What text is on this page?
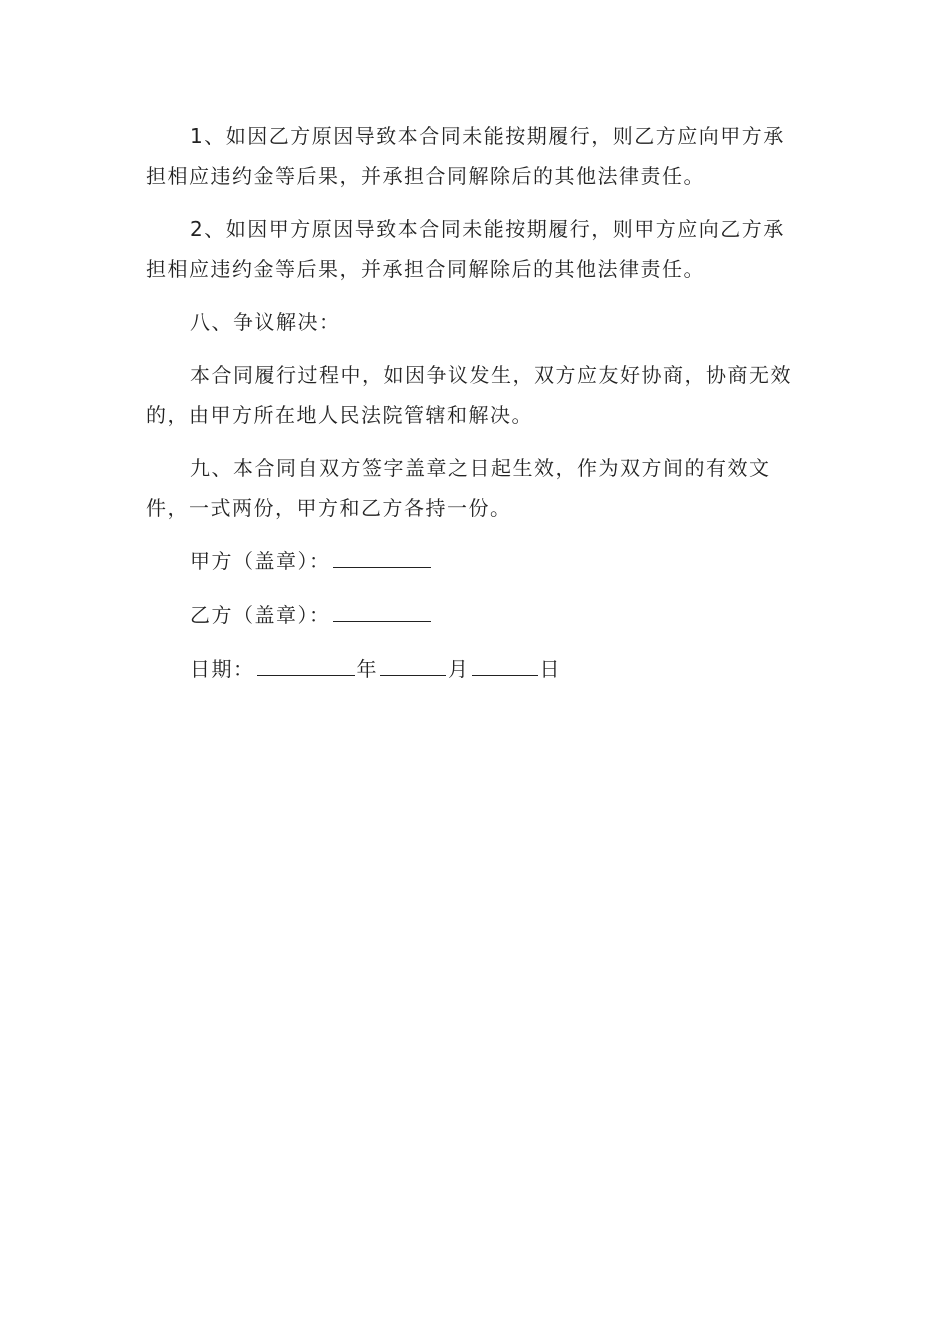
1、如因乙方原因导致本合同未能按期履行，则乙方应向甲方承担相应违约金等后果，并承担合同解除后的其他法律责任。

2、如因甲方原因导致本合同未能按期履行，则甲方应向乙方承担相应违约金等后果，并承担合同解除后的其他法律责任。

八、争议解决：

本合同履行过程中，如因争议发生，双方应友好协商，协商无效的，由甲方所在地人民法院管辖和解决。

九、本合同自双方签字盖章之日起生效，作为双方间的有效文件，一式两份，甲方和乙方各持一份。

甲方（盖章）：
乙方（盖章）：
日期：	年	月	日
